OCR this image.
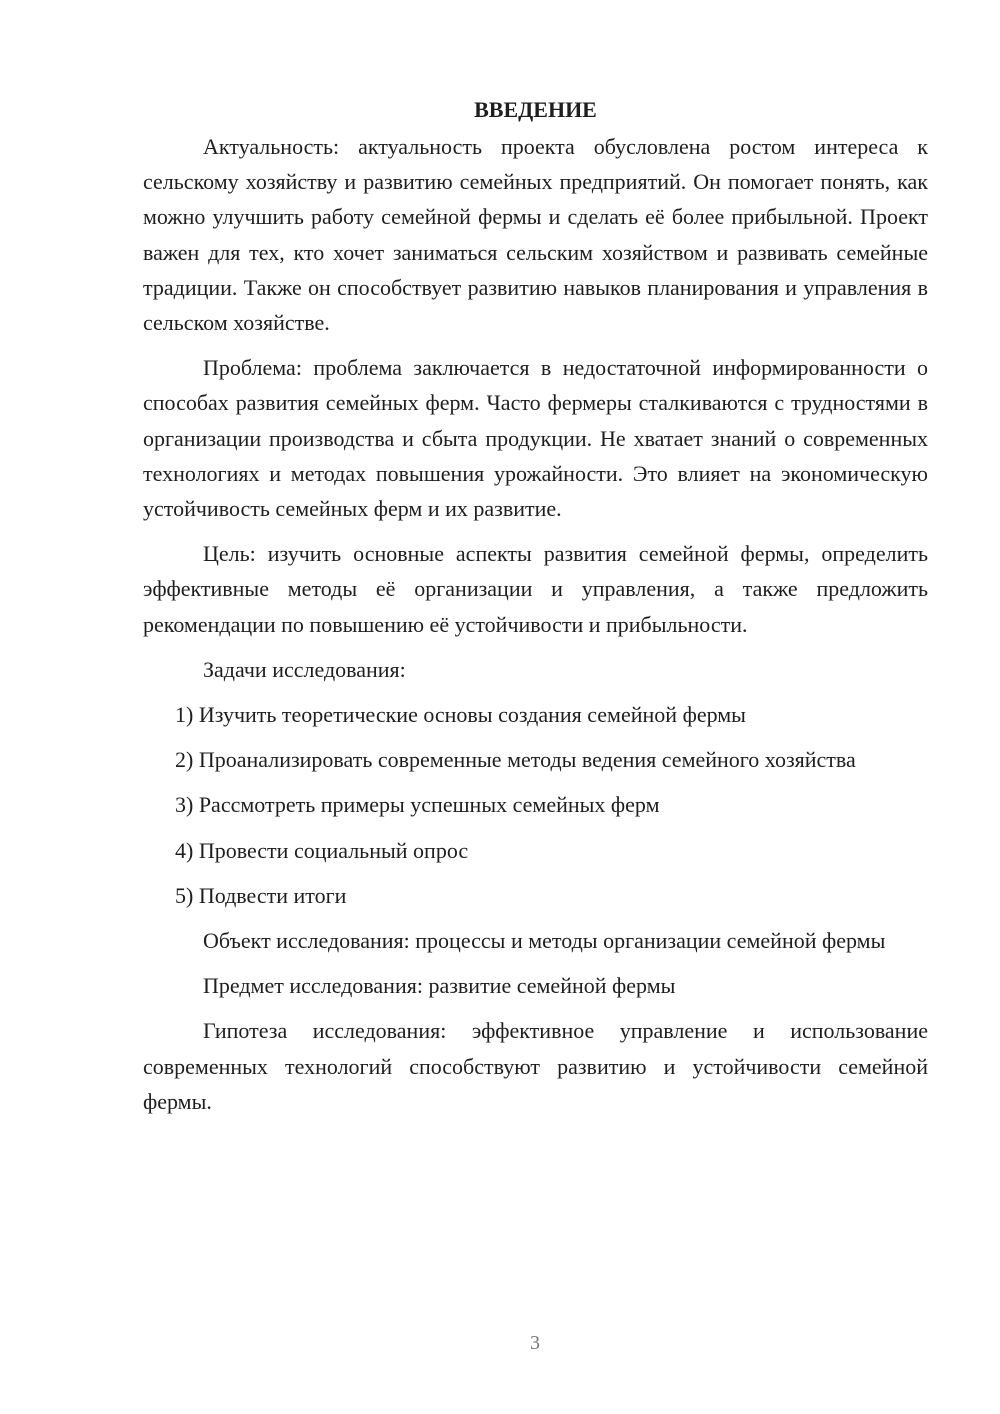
ВВЕДЕНИЕ

Актуальность: актуальность проекта обусловлена ростом интереса к сельскому хозяйству и развитию семейных предприятий. Он помогает понять, как можно улучшить работу семейной фермы и сделать её более прибыльной. Проект важен для тех, кто хочет заниматься сельским хозяйством и развивать семейные традиции. Также он способствует развитию навыков планирования и управления в сельском хозяйстве.

Проблема: проблема заключается в недостаточной информированности о способах развития семейных ферм. Часто фермеры сталкиваются с трудностями в организации производства и сбыта продукции. Не хватает знаний о современных технологиях и методах повышения урожайности. Это влияет на экономическую устойчивость семейных ферм и их развитие.

Цель: изучить основные аспекты развития семейной фермы, определить эффективные методы её организации и управления, а также предложить рекомендации по повышению её устойчивости и прибыльности.

Задачи исследования:

1) Изучить теоретические основы создания семейной фермы

2) Проанализировать современные методы ведения семейного хозяйства

3) Рассмотреть примеры успешных семейных ферм

4) Провести социальный опрос

5) Подвести итоги

Объект исследования: процессы и методы организации семейной фермы

Предмет исследования: развитие семейной фермы

Гипотеза исследования: эффективное управление и использование современных технологий способствуют развитию и устойчивости семейной фермы.

3
